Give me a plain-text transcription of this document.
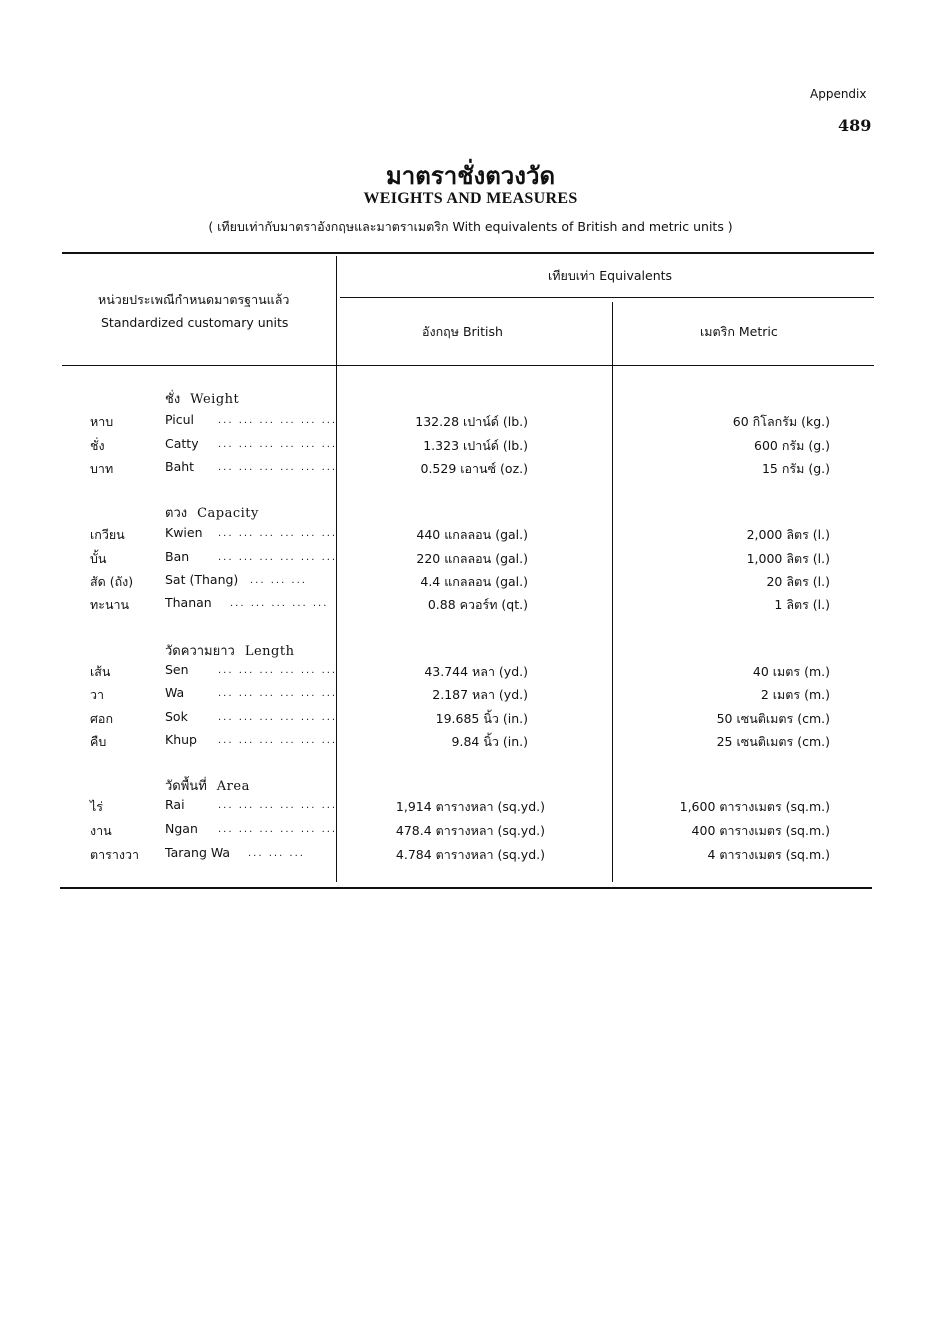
Appendix
489
มาตราชั่งตวงวัด
WEIGHTS AND MEASURES
( เทียบเท่ากับมาตราอังกฤษและมาตราเมตริก With equivalents of British and metric units )
หน่วยประเพณีกำหนดมาตรฐานแล้ว
Standardized customary units
เทียบเท่า Equivalents
อังกฤษ British	เมตริก Metric
ชั่ง Weight
หาบ	Picul ... ... ... ... ... ...	132.28 เปาน์ด์ (lb.)	60 กิโลกรัม (kg.)
ชั่ง	Catty ... ... ... ... ... ...	1.323 เปาน์ด์ (lb.)	600 กรัม (g.)
บาท	Baht ... ... ... ... ... ...	0.529 เอานซ์ (oz.)	15 กรัม (g.)
ตวง Capacity
เกวียน	Kwien ... ... ... ... ... ...	440 แกลลอน (gal.)	2,000 ลิตร (l.)
บั้น	Ban	... ... ... ... ... ...	220 แกลลอน (gal.)	1,000 ลิตร (l.)
สัด (ถัง)	Sat (Thang) ... ... ...	4.4 แกลลอน (gal.)	20 ลิตร (l.)
ทะนาน	Thanan ... ... ... ... ...	0.88 ควอร์ท (qt.)	1 ลิตร (l.)
วัดความยาว Length
เส้น	Sen	... ... ... ... ... ...	43.744 หลา (yd.)	40 เมตร (m.)
วา	Wa	... ... ... ... ... ...	2.187 หลา (yd.)	2 เมตร (m.)
ศอก	Sok	... ... ... ... ... ...	19.685 นิ้ว (in.)	50 เซนติเมตร (cm.)
คืบ	Khup ... ... ... ... ... ...	9.84 นิ้ว (in.)	25 เซนติเมตร (cm.)
วัดพื้นที่ Area
ไร่	Rai	... ... ... ... ... ...	1,914 ตารางหลา (sq.yd.)	1,600 ตารางเมตร (sq.m.)
งาน	Ngan ... ... ... ... ... ...	478.4 ตารางหลา (sq.yd.)	400 ตารางเมตร (sq.m.)
ตารางวา Tarang Wa ... ... ...	4.784 ตารางหลา (sq.yd.)	4 ตารางเมตร (sq.m.)
